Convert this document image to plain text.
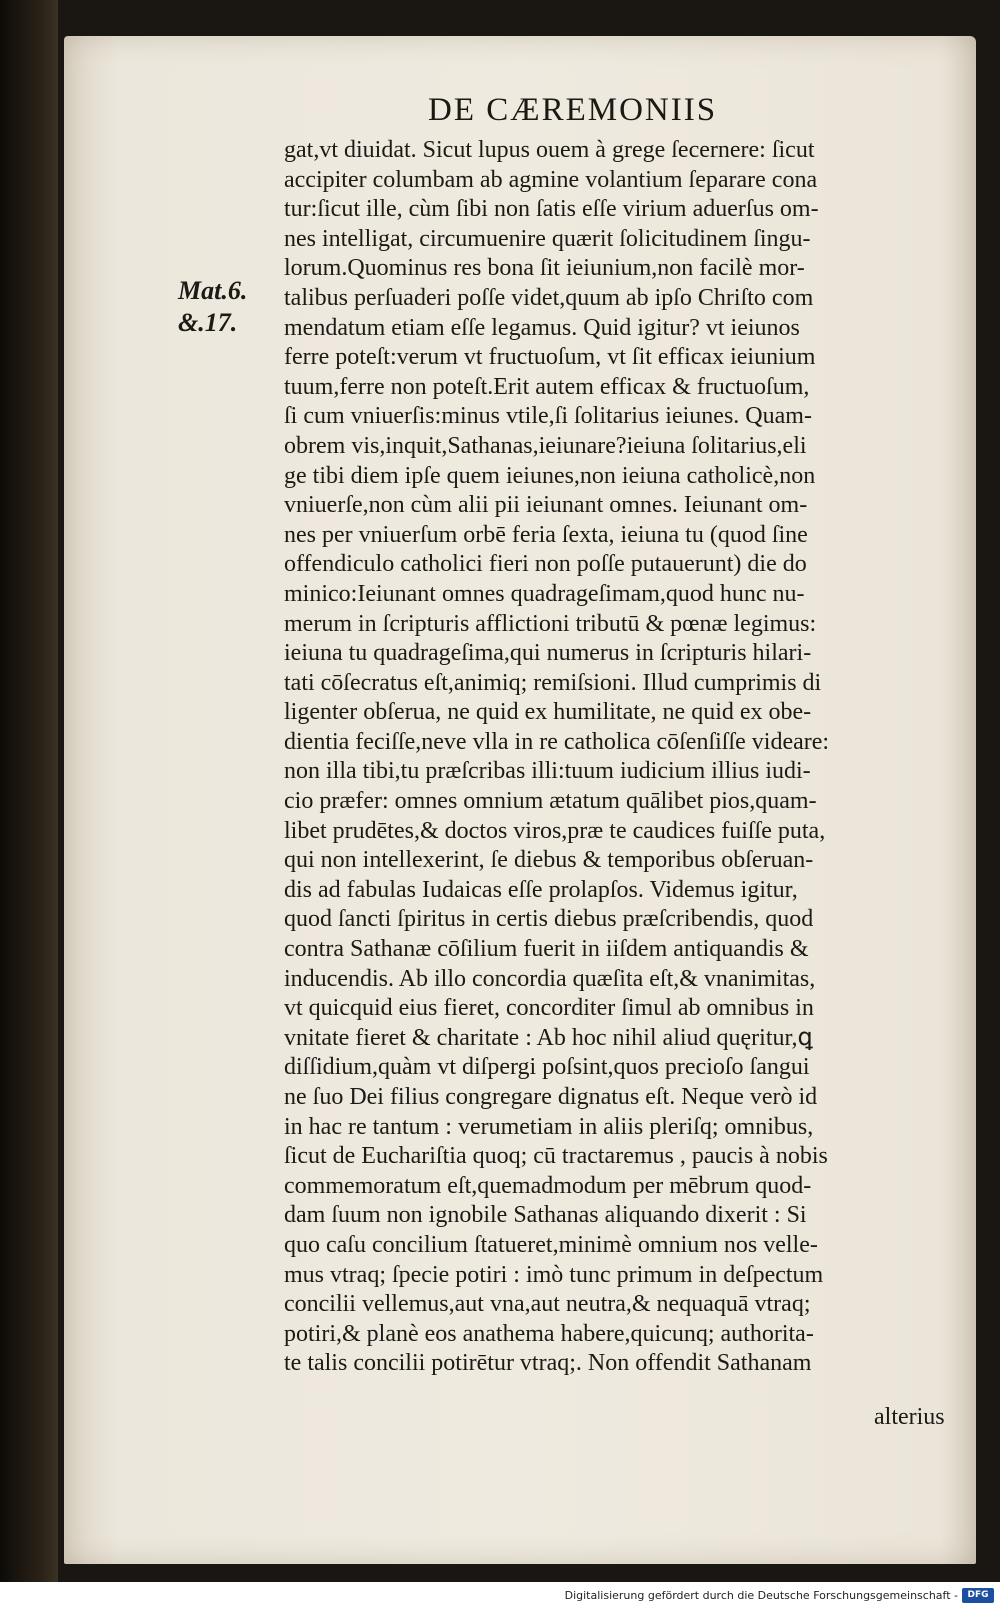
DE CÆREMONIIS
Mat.6.
&.17.
gat,vt diuidat. Sicut lupus ouem à grege ſecernere: ſicut
accipiter columbam ab agmine volantium ſeparare cona
tur:ſicut ille, cùm ſibi non ſatis eſſe virium aduerſus om-
nes intelligat, circumuenire quærit ſolicitudinem ſingu-
lorum.Quominus res bona ſit ieiunium,non facilè mor-
talibus perſuaderi poſſe videt,quum ab ipſo Chriſto com
mendatum etiam eſſe legamus. Quid igitur? vt ieiunos
ferre poteſt:verum vt fructuoſum, vt ſit efficax ieiunium
tuum,ferre non poteſt.Erit autem efficax & fructuoſum,
ſi cum vniuerſis:minus vtile,ſi ſolitarius ieiunes. Quam-
obrem vis,inquit,Sathanas,ieiunare?ieiuna ſolitarius,eli
ge tibi diem ipſe quem ieiunes,non ieiuna catholicè,non
vniuerſe,non cùm alii pii ieiunant omnes. Ieiunant om-
nes per vniuerſum orbē feria ſexta, ieiuna tu (quod ſine
offendiculo catholici fieri non poſſe putauerunt) die do
minico:Ieiunant omnes quadrageſimam,quod hunc nu-
merum in ſcripturis afflictioni tributū & pœnæ legimus:
ieiuna tu quadrageſima,qui numerus in ſcripturis hilari-
tati cōſecratus eſt,animiq; remiſsioni. Illud cumprimis di
ligenter obſerua, ne quid ex humilitate, ne quid ex obe-
dientia feciſſe,neve vlla in re catholica cōſenſiſſe videare:
non illa tibi,tu præſcribas illi:tuum iudicium illius iudi-
cio præfer: omnes omnium ætatum quālibet pios,quam-
libet prudētes,& doctos viros,præ te caudices fuiſſe puta,
qui non intellexerint, ſe diebus & temporibus obſeruan-
dis ad fabulas Iudaicas eſſe prolapſos. Videmus igitur,
quod ſancti ſpiritus in certis diebus præſcribendis, quod
contra Sathanæ cōſilium fuerit in iiſdem antiquandis &
inducendis. Ab illo concordia quæſita eſt,& vnanimitas,
vt quicquid eius fieret, concorditer ſimul ab omnibus in
vnitate fieret & charitate : Ab hoc nihil aliud quęritur,ꝗ
diſſidium,quàm vt diſpergi poſsint,quos precioſo ſangui
ne ſuo Dei filius congregare dignatus eſt. Neque verò id
in hac re tantum : verumetiam in aliis pleriſq; omnibus,
ſicut de Euchariſtia quoq; cū tractaremus , paucis à nobis
commemoratum eſt,quemadmodum per mēbrum quod-
dam ſuum non ignobile Sathanas aliquando dixerit : Si
quo caſu concilium ſtatueret,minimè omnium nos velle-
mus vtraq; ſpecie potiri : imò tunc primum in deſpectum
concilii vellemus,aut vna,aut neutra,& nequaquā vtraq;
potiri,& planè eos anathema habere,quicunq; authorita-
te talis concilii potirētur vtraq;. Non offendit Sathanam
alterius
Digitalisierung gefördert durch die Deutsche Forschungsgemeinschaft -	DFG
